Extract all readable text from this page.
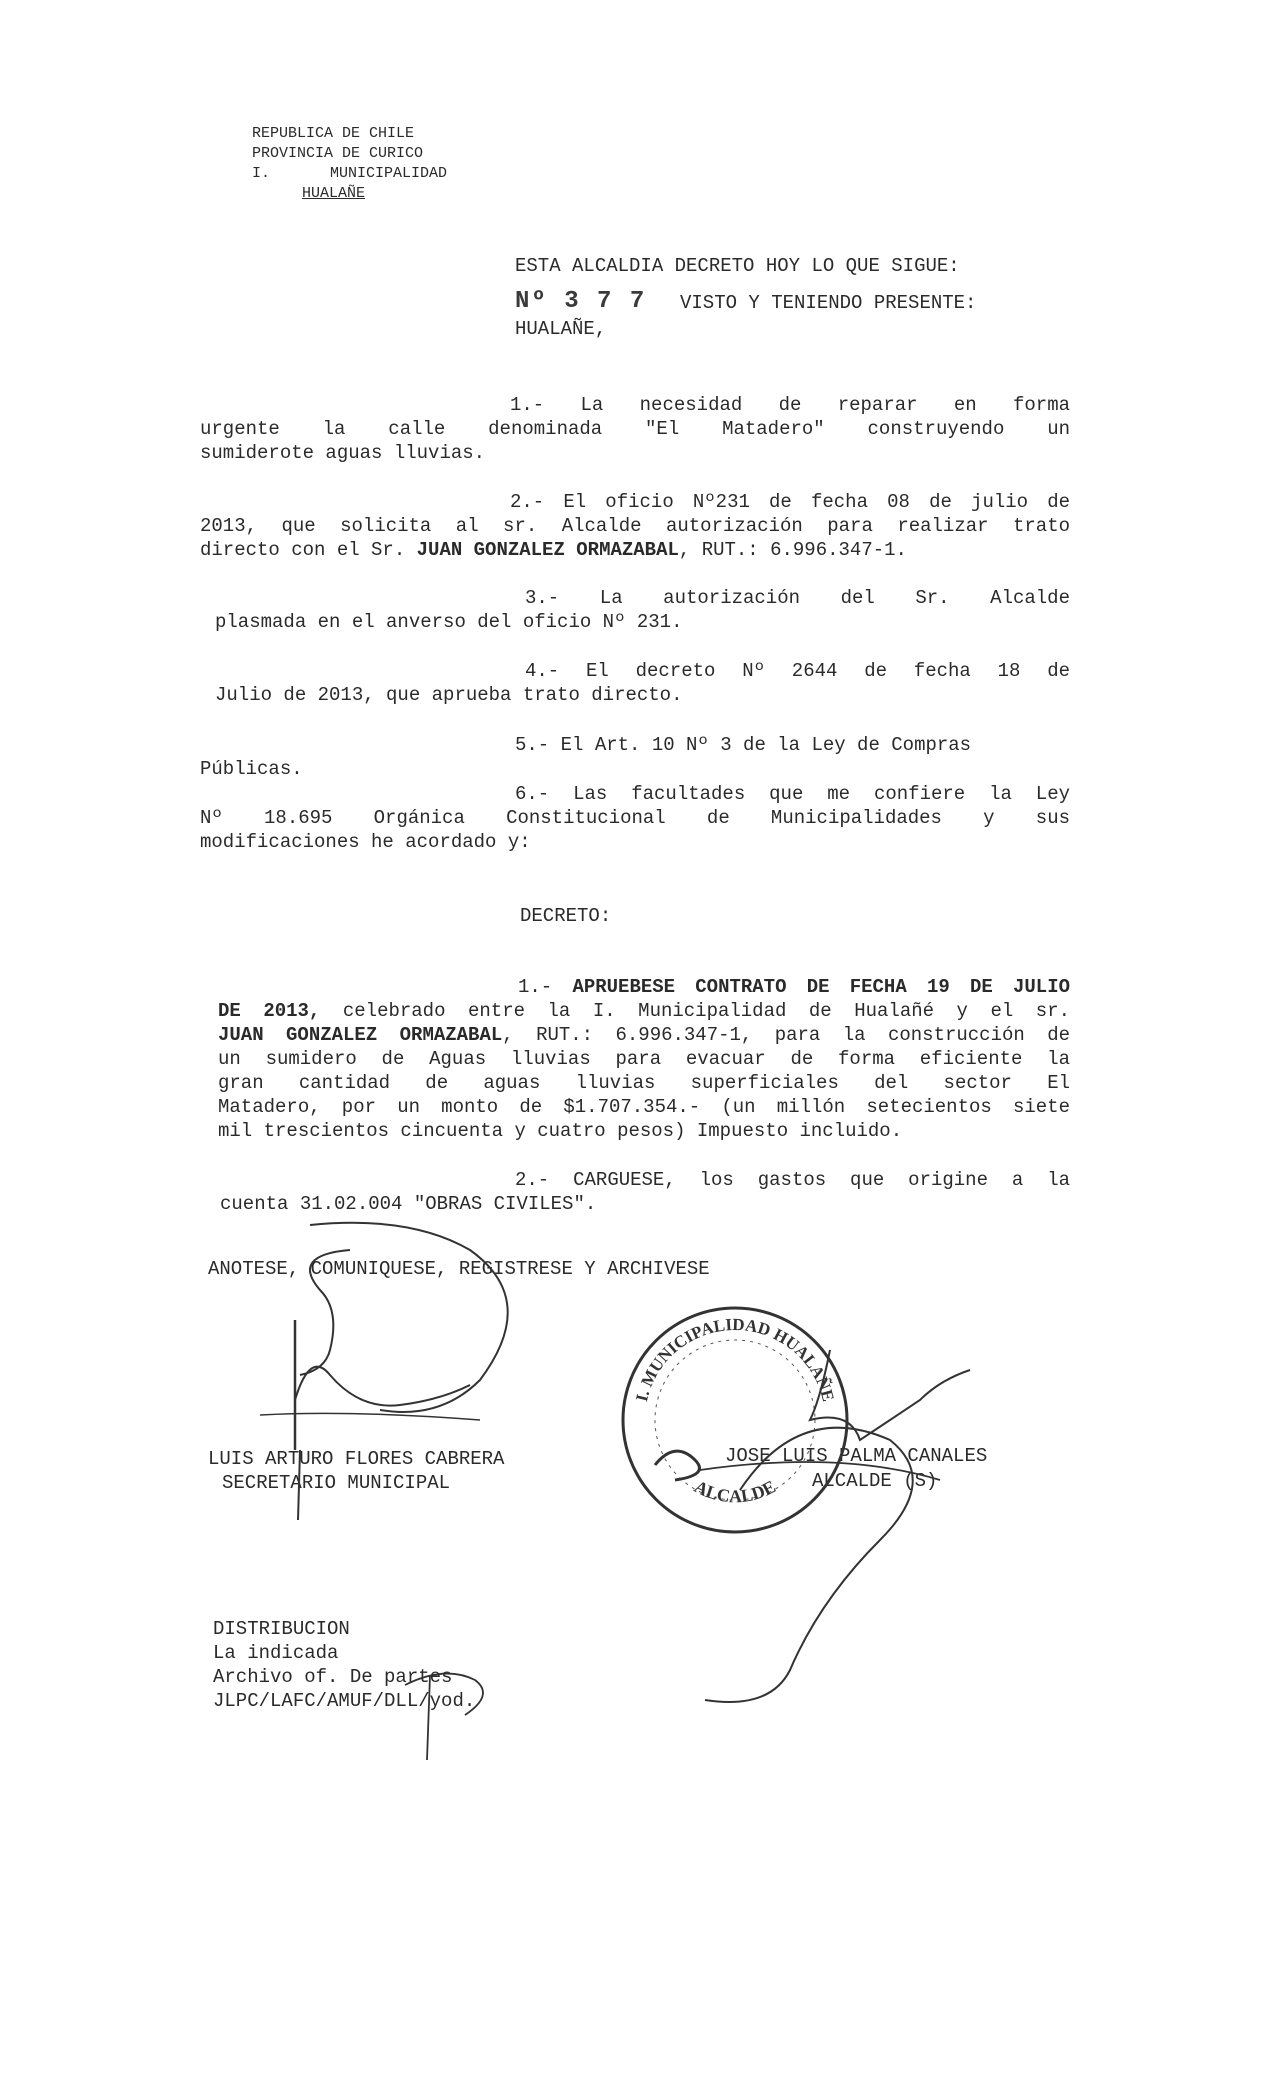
REPUBLICA DE CHILE
PROVINCIA DE CURICO
I.	MUNICIPALIDAD
HUALAÑE
ESTA ALCALDIA DECRETO HOY LO QUE SIGUE:
Nº 3 7 7 VISTO Y TENIENDO PRESENTE:
HUALAÑE,
1.- La necesidad de reparar en forma
urgente la calle denominada "El Matadero" construyendo un
sumiderote aguas lluvias.
2.- El oficio Nº231 de fecha 08 de julio de
2013, que solicita al sr. Alcalde autorización para realizar trato
directo con el Sr. JUAN GONZALEZ ORMAZABAL, RUT.: 6.996.347-1.
3.- La autorización del Sr. Alcalde
plasmada en el anverso del oficio Nº 231.
4.- El decreto Nº 2644 de fecha 18 de
Julio de 2013, que aprueba trato directo.
5.- El Art. 10 Nº 3 de la Ley de Compras
Públicas.
6.- Las facultades que me confiere la Ley
Nº 18.695 Orgánica Constitucional de Municipalidades y sus
modificaciones he acordado y:
DECRETO:
1.- APRUEBESE CONTRATO DE FECHA 19 DE JULIO
DE 2013, celebrado entre la I. Municipalidad de Hualañé y el sr.
JUAN GONZALEZ ORMAZABAL, RUT.: 6.996.347-1, para la construcción de
un sumidero de Aguas lluvias para evacuar de forma eficiente la
gran cantidad de aguas lluvias superficiales del sector El
Matadero, por un monto de $1.707.354.- (un millón setecientos siete
mil trescientos cincuenta y cuatro pesos) Impuesto incluido.
2.- CARGUESE, los gastos que origine a la
cuenta 31.02.004 "OBRAS CIVILES".
ANOTESE, COMUNIQUESE, REGISTRESE Y ARCHIVESE
LUIS ARTURO FLORES CABRERA
SECRETARIO MUNICIPAL
JOSE LUIS PALMA CANALES
ALCALDE (S)
I. MUNICIPALIDAD HUALAÑE
ALCALDE
DISTRIBUCION
La indicada
Archivo of. De partes
JLPC/LAFC/AMUF/DLL/yod.
